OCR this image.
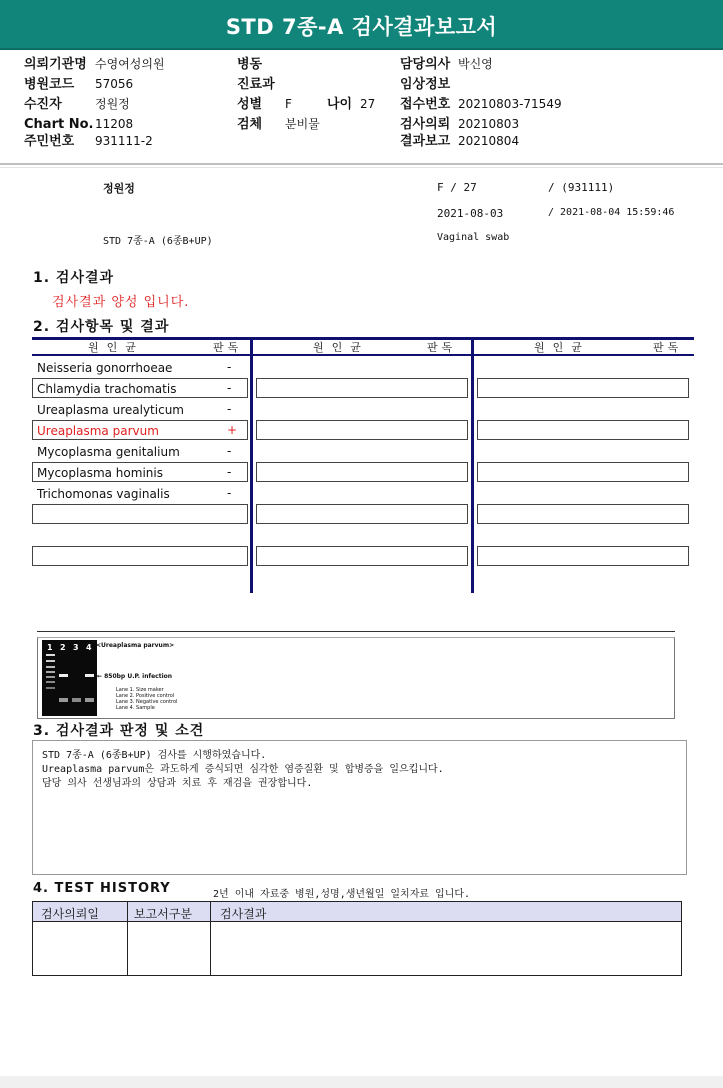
STD 7종-A 검사결과보고서
의뢰기관명 수영여성의원
병원코드 57056
수진자	정원정
Chart No. 11208
주민번호 931111-2
병동
진료과
성별 F
검체 분비물
담당의사 박신영
임상정보
접수번호 20210803-71549
검사의뢰 20210803
결과보고 20210804
나이 27
정원정	F / 27	/ (931111)
2021-08-03	/ 2021-08-04 15:59:46
STD 7종-A (6종B+UP)	Vaginal swab
1. 검사결과
검사결과 양성 입니다.
2. 검사항목 및 결과
원인균	판독	원인균	판독	원인균	판독
Neisseria gonorrhoeae	-
Chlamydia trachomatis	-
Ureaplasma urealyticum	-
Ureaplasma parvum	+
Mycoplasma genitalium	-
Mycoplasma hominis	-
Trichomonas vaginalis	-
1 2 3 4 <Ureaplasma parvum>
← 850bp U.P. infection
Lane 1. Size maker
Lane 2. Positive control
Lane 3. Negative control
Lane 4. Sample
3. 검사결과 판정 및 소견
STD 7종-A (6종B+UP) 검사를 시행하였습니다.
Ureaplasma parvum은 과도하게 증식되면 심각한 염증질환 및 합병증을 일으킵니다.
담당 의사 선생님과의 상담과 치료 후 재검을 권장합니다.
4. TEST HISTORY	2년 이내 자료중 병원,성명,생년월일 일치자료 입니다.
검사의뢰일	보고서구분 검사결과
